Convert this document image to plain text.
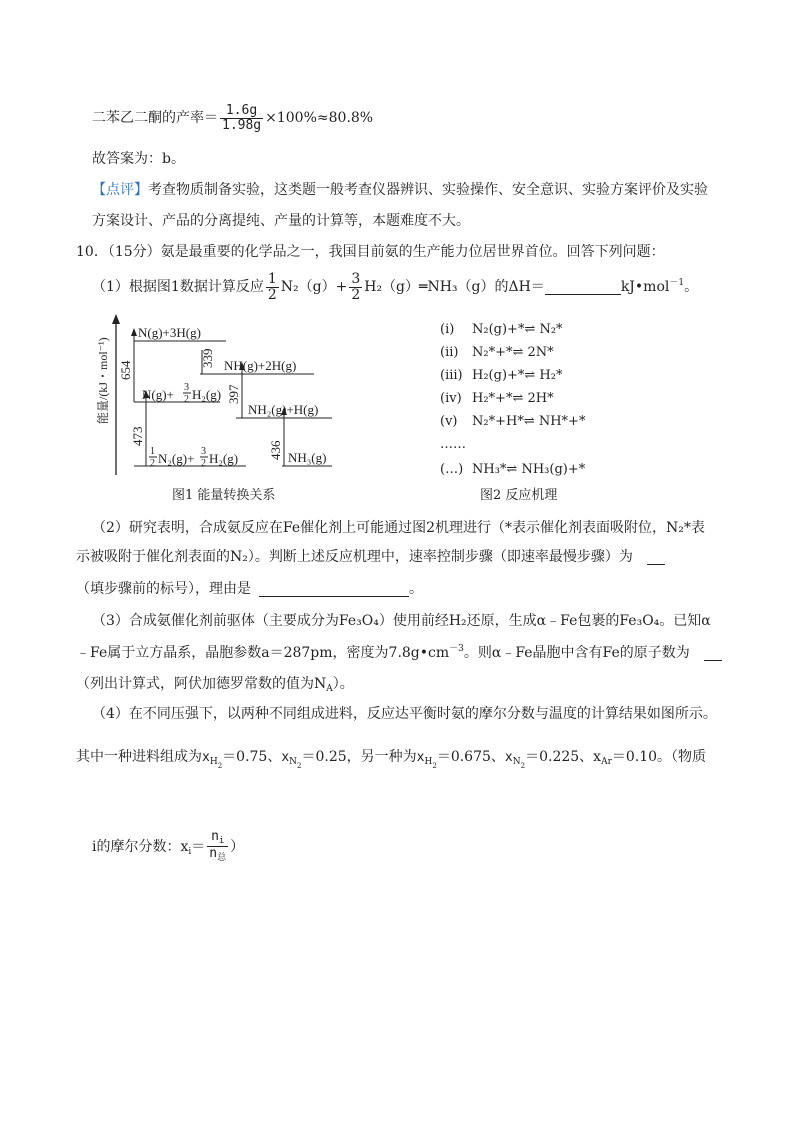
二苯乙二酮的产率＝ $\frac{1.6g}{1.98g} \times 100\%\approx 80.8\%$
故答案为：b。
【点评】考查物质制备实验，这类题一般考查仪器辨识、实验操作、安全意识、实验方案评价及实验
方案设计、产品的分离提纯、产量的计算等，本题难度不大。
10．（15分）氨是最重要的化学品之一，我国目前氨的生产能力位居世界首位。回答下列问题：
（1）根据图1数据计算反应 $\frac{1}{2} N_2(g)+ \frac{3}{2}$ H₂（g）═NH₃（g）的ΔH＝	kJ•mol$^{-1}$。
能量/(kJ・mol⁻¹) 654
473
339
397
436
N(g)+3H(g)
NH(g)+2H(g)
NH₂(g)+H(g)
NH₃(g)
N(g)+ 3
2 H₂(g)
1
2 N₂(g)+ 3
2 H₂(g)
图1 能量转换关系
(i) N₂(g)+*⇌ N₂*
(ii) N₂*+*⇌ 2N*
(iii) H₂(g)+*⇌ H₂*
(iv) H₂*+*⇌ 2H*
(v) N₂*+H*⇌ NH*+*
……
(…) NH₃*⇌ NH₃(g)+*
图2 反应机理
（2）研究表明，合成氨反应在Fe催化剂上可能通过图2机理进行（*表示催化剂表面吸附位，N₂*表
示被吸附于催化剂表面的N₂）。判断上述反应机理中，速率控制步骤（即速率最慢步骤）为
（填步骤前的标号），理由是	。
（3）合成氨催化剂前驱体（主要成分为Fe₃O₄）使用前经H₂还原，生成α﹣Fe包裹的Fe₃O₄。已知α
﹣Fe属于立方晶系，晶胞参数a＝287pm，密度为$7.8g•cm^{-3}$。则α﹣Fe晶胞中含有Fe的原子数为
（列出计算式，阿伏加德罗常数的值为$N_A$）。
（4）在不同压强下，以两种不同组成进料，反应达平衡时氨的摩尔分数与温度的计算结果如图所示。
其中一种进料组成为$x_{H2}=0.75$、$x_{N2}=0.25$，另一种为$x_{H2}=0.675$、$x_{N2}=0.225$、$x_{Ar}=0.10$。（物质
i的摩尔分数：$x_i= \frac{n_i}{n_总}$ ）
